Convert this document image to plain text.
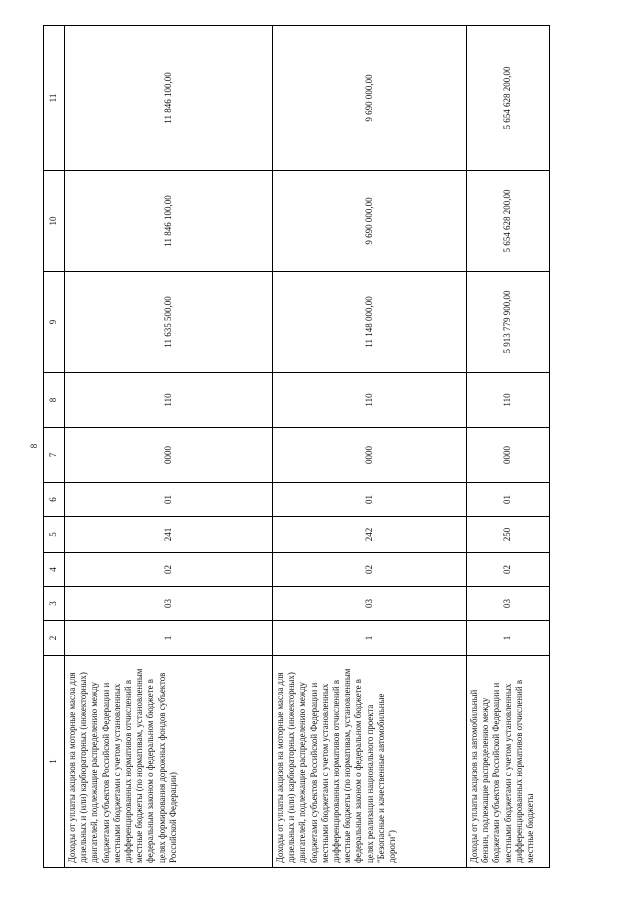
8
1	2	3	4	5	6	7	8	9	10	11
Доходы от уплаты акцизов на моторные масла для дизельных и (или) карбюраторных (инжекторных) двигателей, подлежащие распределению между бюджетами субъектов Российской Федерации и местными бюджетами с учетом установленных дифференцированных нормативов отчислений в местные бюджеты (по нормативам, установленным федеральным законом о федеральном бюджете в целях формирования дорожных фондов субъектов Российской Федерации)	1	03	02	241	01	0000	110	11 635 500,00	11 846 100,00	11 846 100,00
Доходы от уплаты акцизов на моторные масла для дизельных и (или) карбюраторных (инжекторных) двигателей, подлежащие распределению между бюджетами субъектов Российской Федерации и местными бюджетами с учетом установленных дифференцированных нормативов отчислений в местные бюджеты (по нормативам, установленным федеральным законом о федеральном бюджете в целях реализации национального проекта "Безопасные и качественные автомобильные дороги")	1	03	02	242	01	0000	110	11 148 000,00	9 690 000,00	9 690 000,00
Доходы от уплаты акцизов на автомобильный бензин, подлежащие распределению между бюджетами субъектов Российской Федерации и местными бюджетами с учетом установленных дифференцированных нормативов отчислений в местные бюджеты	1	03	02	250	01	0000	110	5 913 779 900,00	5 654 628 200,00	5 654 628 200,00
